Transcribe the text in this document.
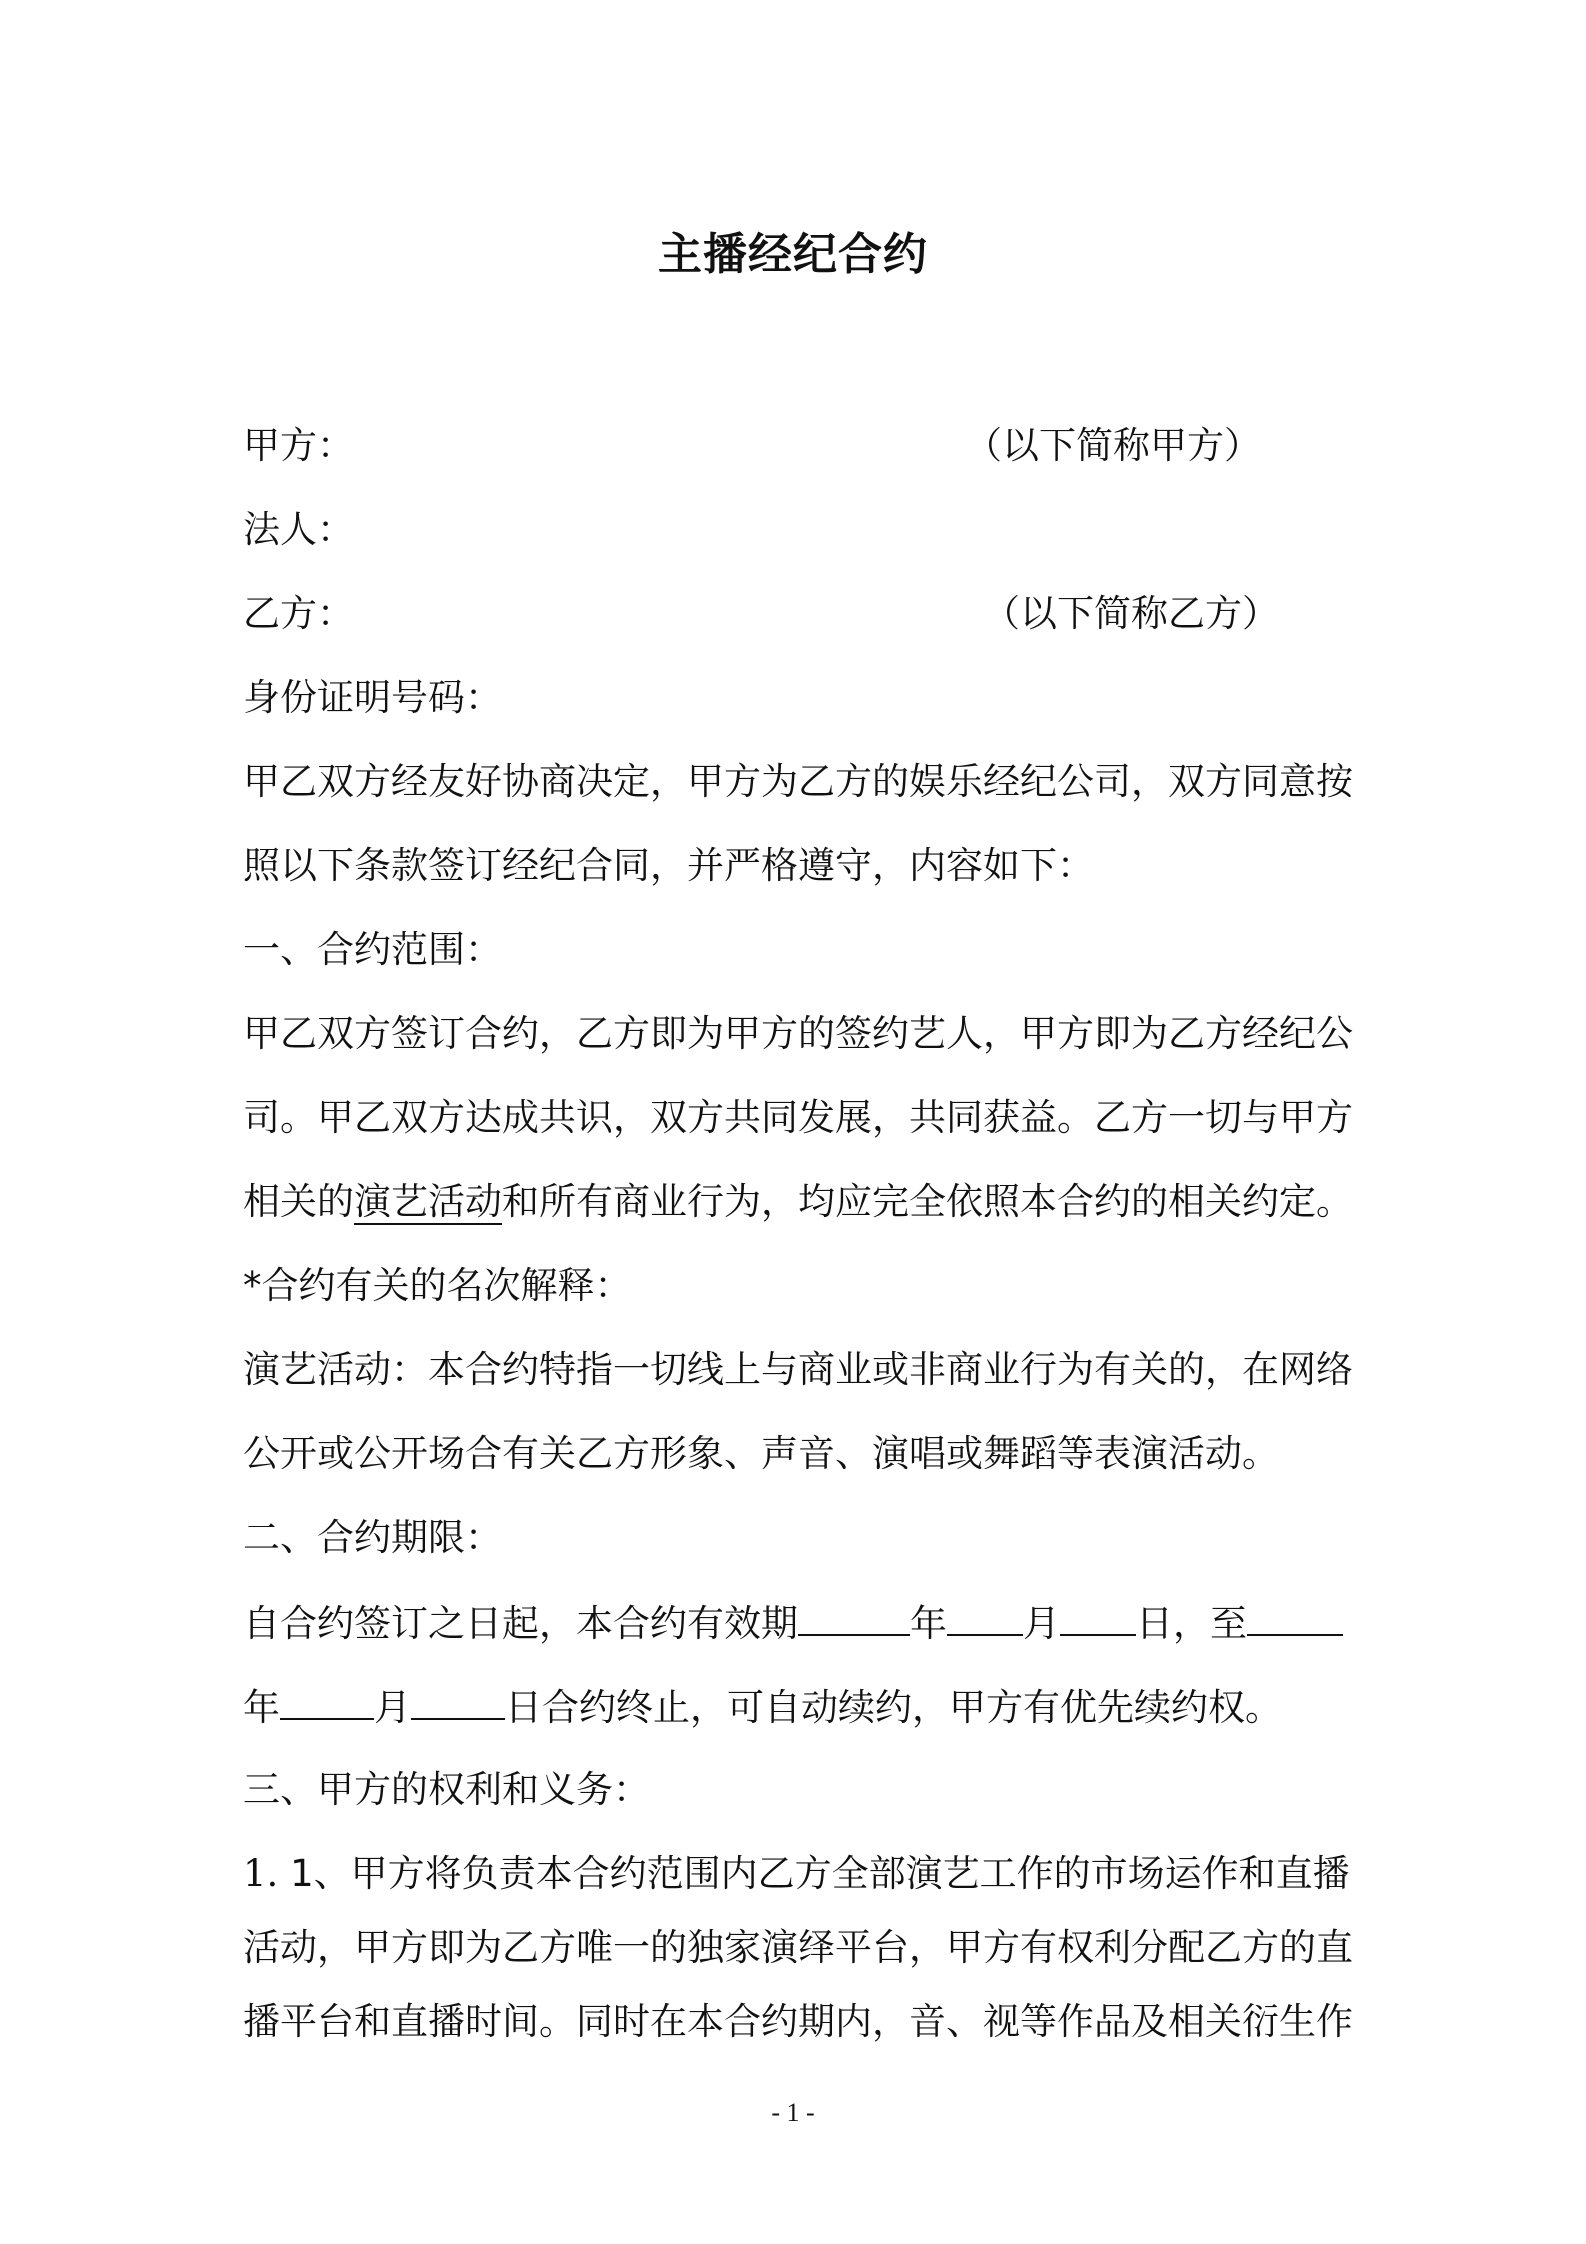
主播经纪合约
甲方：	（以下简称甲方）
法人：
乙方：	（以下简称乙方）
身份证明号码：
甲乙双方经友好协商决定，甲方为乙方的娱乐经纪公司，双方同意按
照以下条款签订经纪合同，并严格遵守，内容如下：
一、合约范围：
甲乙双方签订合约，乙方即为甲方的签约艺人，甲方即为乙方经纪公
司。甲乙双方达成共识，双方共同发展，共同获益。乙方一切与甲方
相关的演艺活动和所有商业行为，均应完全依照本合约的相关约定。
*合约有关的名次解释：
演艺活动：本合约特指一切线上与商业或非商业行为有关的，在网络
公开或公开场合有关乙方形象、声音、演唱或舞蹈等表演活动。
二、合约期限：
自合约签订之日起，本合约有效期	年 月 日，至
年	月	日合约终止，可自动续约，甲方有优先续约权。
三、甲方的权利和义务：
1. 1、甲方将负责本合约范围内乙方全部演艺工作的市场运作和直播
活动，甲方即为乙方唯一的独家演绎平台，甲方有权利分配乙方的直
播平台和直播时间。同时在本合约期内，音、视等作品及相关衍生作
- 1 -
